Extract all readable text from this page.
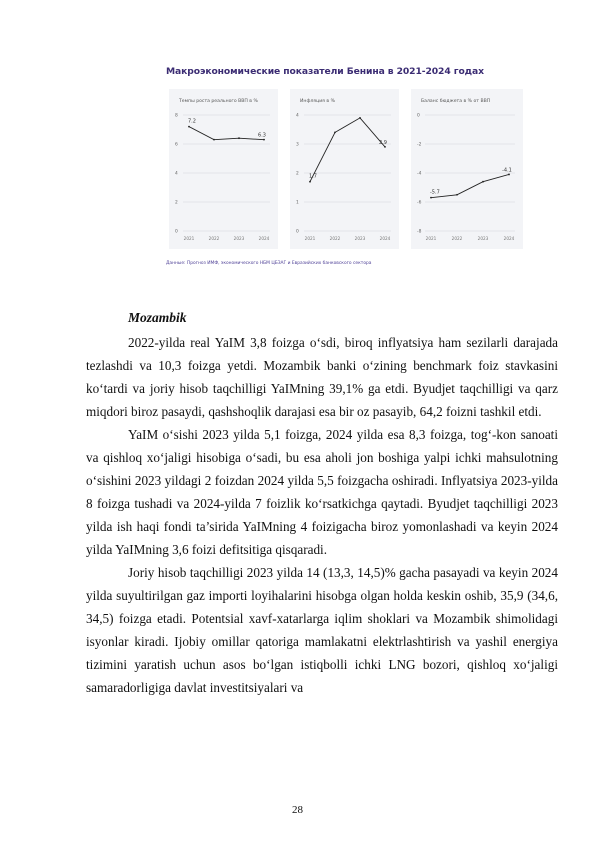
Макроэкономические показатели Бенина в 2021-2024 годах
Темпы роста реального ВВП в %
8
6
4
2
0
2021	2022	2023	2024
7.2
6.3
Инфляция в %
4
3
2
1
0
2021	2022	2023	2024
1.7
2.9
Баланс бюджета в % от ВВП
0
-2
-4
-6
-8
2021	2022	2023	2024
-5.7
-4.1
Данные: Прогноз ИМФ, экономического НБМ ЦБЗАГ и Евразийских банковского сектора
Mozambik

2022-yilda real YaIM 3,8 foizga o‘sdi, biroq inflyatsiya ham sezilarli darajada tezlashdi va 10,3 foizga yetdi. Mozambik banki o‘zining benchmark foiz stavkasini ko‘tardi va joriy hisob taqchilligi YaIMning 39,1% ga etdi. Byudjet taqchilligi va qarz miqdori biroz pasaydi, qashshoqlik darajasi esa bir oz pasayib, 64,2 foizni tashkil etdi.

YaIM o‘sishi 2023 yilda 5,1 foizga, 2024 yilda esa 8,3 foizga, tog‘-kon sanoati va qishloq xo‘jaligi hisobiga o‘sadi, bu esa aholi jon boshiga yalpi ichki mahsulotning o‘sishini 2023 yildagi 2 foizdan 2024 yilda 5,5 foizgacha oshiradi. Inflyatsiya 2023-yilda 8 foizga tushadi va 2024-yilda 7 foizlik ko‘rsatkichga qaytadi. Byudjet taqchilligi 2023 yilda ish haqi fondi ta’sirida YaIMning 4 foizigacha biroz yomonlashadi va keyin 2024 yilda YaIMning 3,6 foizi defitsitiga qisqaradi.

Joriy hisob taqchilligi 2023 yilda 14 (13,3, 14,5)% gacha pasayadi va keyin 2024 yilda suyultirilgan gaz importi loyihalarini hisobga olgan holda keskin oshib, 35,9 (34,6, 34,5) foizga etadi. Potentsial xavf-xatarlarga iqlim shoklari va Mozambik shimolidagi isyonlar kiradi. Ijobiy omillar qatoriga mamlakatni elektrlashtirish va yashil energiya tizimini yaratish uchun asos bo‘lgan istiqbolli ichki LNG bozori, qishloq xo‘jaligi samaradorligiga davlat investitsiyalari va

28
